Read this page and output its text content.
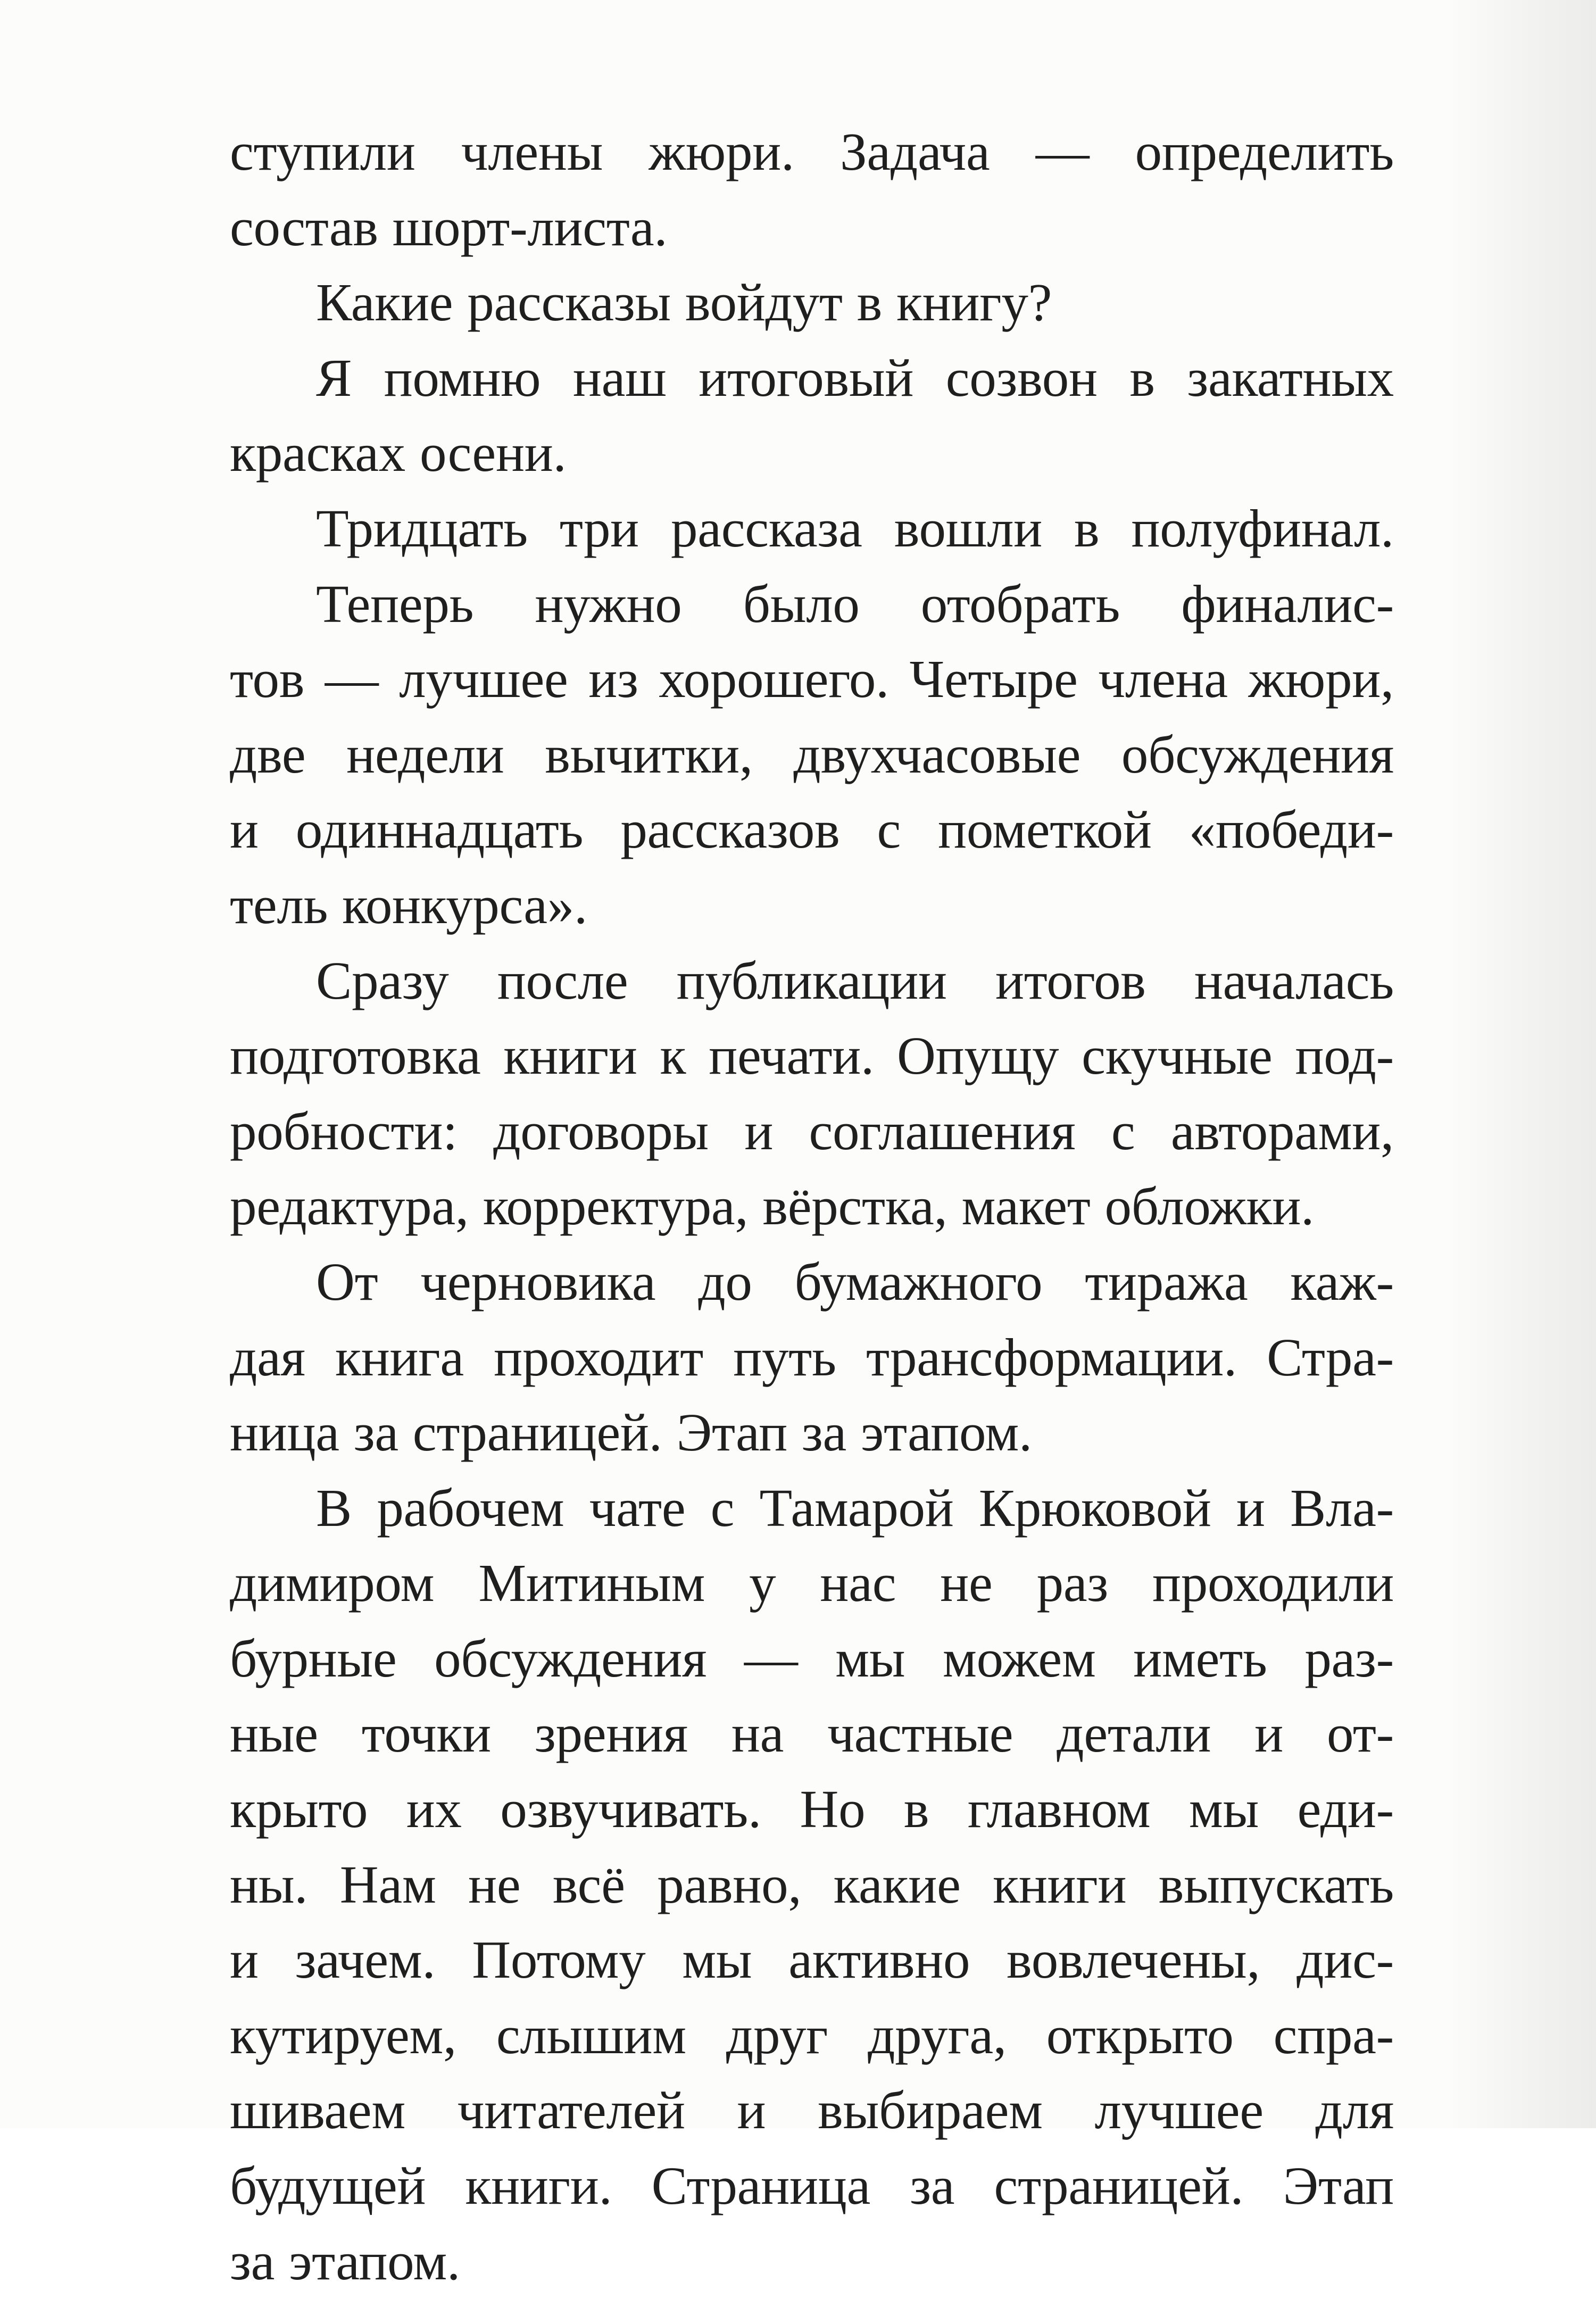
ступили члены жюри. Задача — определить
состав шорт-листа.
Какие рассказы войдут в книгу?
Я помню наш итоговый созвон в закатных
красках осени.
Тридцать три рассказа вошли в полуфинал.
Теперь нужно было отобрать финалис-
тов — лучшее из хорошего. Четыре члена жюри,
две недели вычитки, двухчасовые обсуждения
и одиннадцать рассказов с пометкой «победи-
тель конкурса».
Сразу после публикации итогов началась
подготовка книги к печати. Опущу скучные под-
робности: договоры и соглашения с авторами,
редактура, корректура, вёрстка, макет обложки.
От черновика до бумажного тиража каж-
дая книга проходит путь трансформации. Стра-
ница за страницей. Этап за этапом.
В рабочем чате с Тамарой Крюковой и Вла-
димиром Митиным у нас не раз проходили
бурные обсуждения — мы можем иметь раз-
ные точки зрения на частные детали и от-
крыто их озвучивать. Но в главном мы еди-
ны. Нам не всё равно, какие книги выпускать
и зачем. Потому мы активно вовлечены, дис-
кутируем, слышим друг друга, открыто спра-
шиваем читателей и выбираем лучшее для
будущей книги. Страница за страницей. Этап
за этапом.
